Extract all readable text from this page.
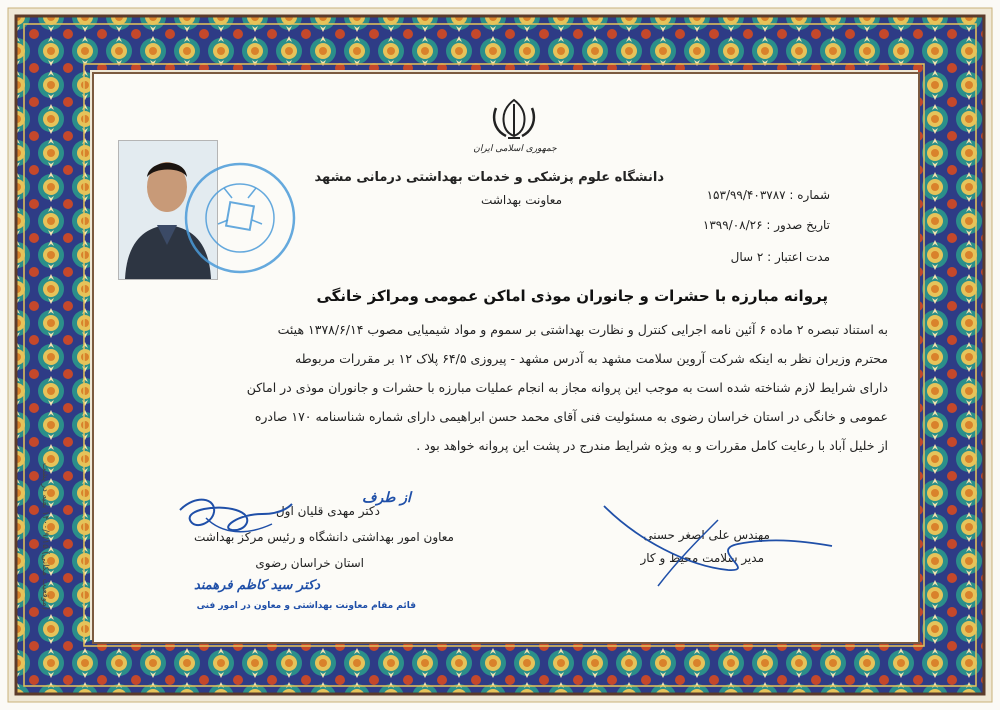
جمهوری اسلامی ایران
دانشگاه علوم پزشکی و خدمات بهداشتی درمانی مشهد
معاونت بهداشت	شماره : ۱۵۳/۹۹/۴۰۳۷۸۷
تاریخ صدور : ۱۳۹۹/۰۸/۲۶
مدت اعتبار : ۲ سال
پروانه مبارزه با حشرات و جانوران موذی اماکن عمومی ومراکز خانگی
به استناد تبصره ۲ ماده ۶ آئین نامه اجرایی کنترل و نظارت بهداشتی بر سموم و مواد شیمیایی مصوب ۱۳۷۸/۶/۱۴ هیئت
محترم وزیران نظر به اینکه شرکت آروین سلامت مشهد به آدرس مشهد - پیروزی ۶۴/۵ پلاک ۱۲ بر مقررات مربوطه
دارای شرایط لازم شناخته شده است به موجب این پروانه مجاز به انجام عملیات مبارزه با حشرات و جانوران موذی در اماکن
عمومی و خانگی در استان خراسان رضوی به مسئولیت فنی آقای محمد حسن ابراهیمی دارای شماره شناسنامه ۱۷۰ صادره
از خلیل آباد با رعایت کامل مقررات و به ویژه شرایط مندرج در پشت این پروانه خواهد بود .
از طرف
دکتر مهدی قلیان اول
معاون امور بهداشتی دانشگاه و رئیس مرکز بهداشت
استان خراسان رضوی
دکتر سید کاظم فرهمند
قائم مقام معاونت بهداشتی و معاون در امور فنی
مهندس علی اصغر حسنی
مدیر سلامت محیط و کار
(موقعیت مکانی) ۱۴۰۰/۹/۱۵ بقیه در پشت
